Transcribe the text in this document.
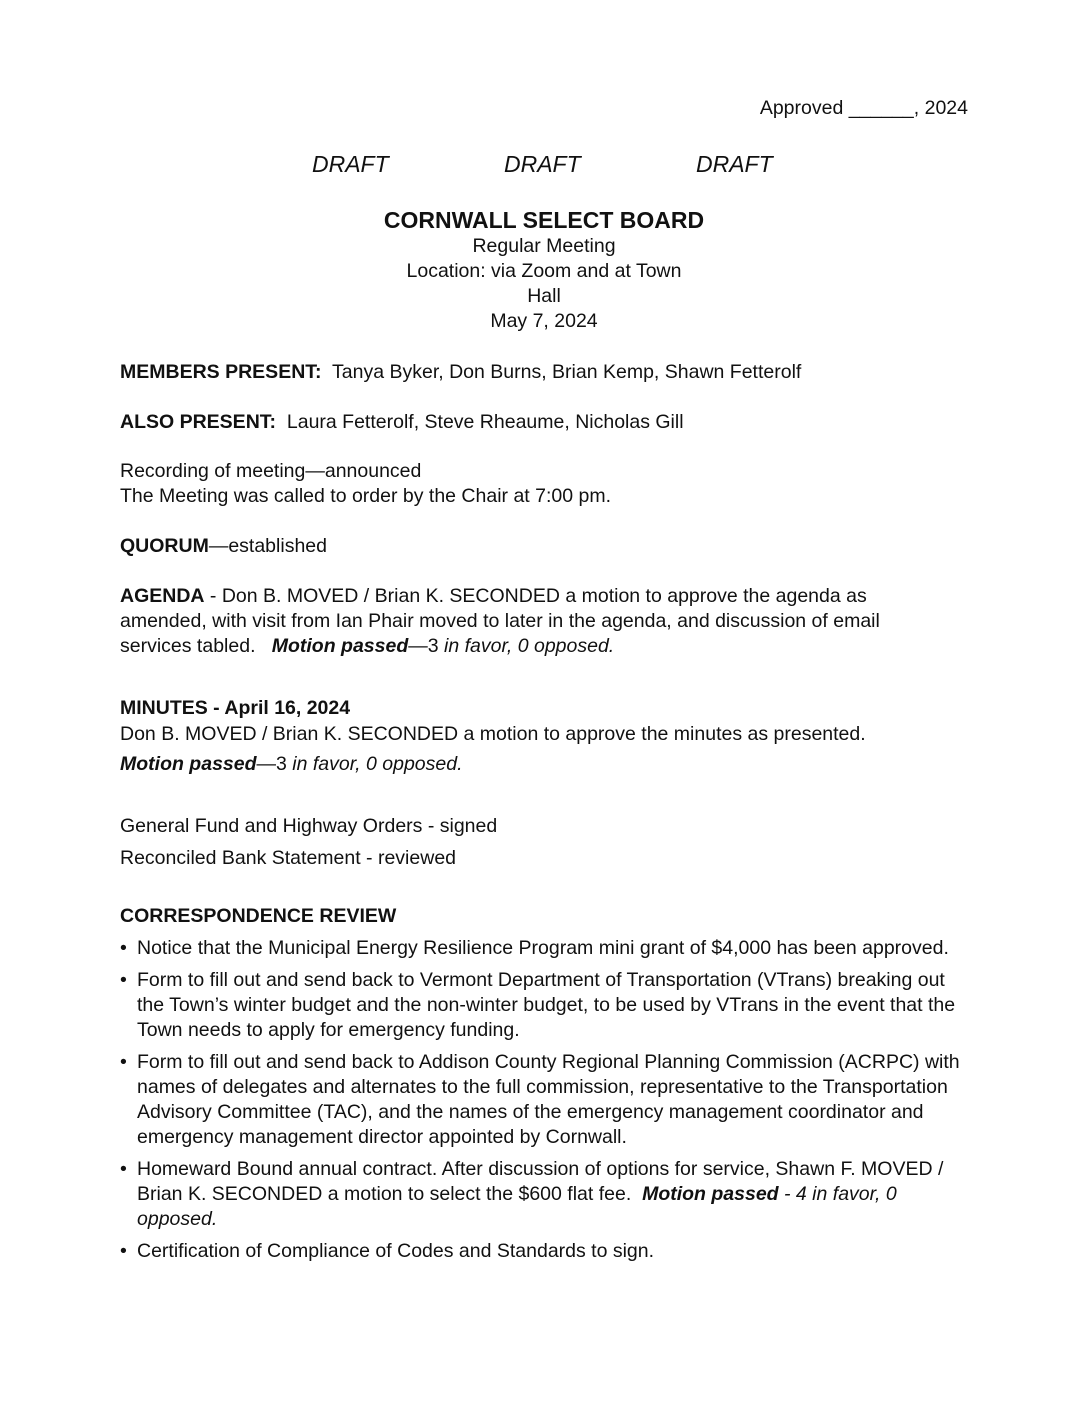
Approved ______, 2024
DRAFT	DRAFT	DRAFT
CORNWALL SELECT BOARD
Regular Meeting
Location: via Zoom and at Town
Hall
May 7, 2024
MEMBERS PRESENT: Tanya Byker, Don Burns, Brian Kemp, Shawn Fetterolf
ALSO PRESENT: Laura Fetterolf, Steve Rheaume, Nicholas Gill
Recording of meeting—announced
The Meeting was called to order by the Chair at 7:00 pm.
QUORUM—established
AGENDA - Don B. MOVED / Brian K. SECONDED a motion to approve the agenda as amended, with visit from Ian Phair moved to later in the agenda, and discussion of email services tabled.   Motion passed—3 in favor, 0 opposed.
MINUTES - April 16, 2024
Don B. MOVED / Brian K. SECONDED a motion to approve the minutes as presented.
Motion passed—3 in favor, 0 opposed.
General Fund and Highway Orders - signed
Reconciled Bank Statement - reviewed
CORRESPONDENCE REVIEW
• Notice that the Municipal Energy Resilience Program mini grant of $4,000 has been approved.
• Form to fill out and send back to Vermont Department of Transportation (VTrans) breaking out the Town’s winter budget and the non-winter budget, to be used by VTrans in the event that the Town needs to apply for emergency funding.
• Form to fill out and send back to Addison County Regional Planning Commission (ACRPC) with names of delegates and alternates to the full commission, representative to the Transportation Advisory Committee (TAC), and the names of the emergency management coordinator and emergency management director appointed by Cornwall.
• Homeward Bound annual contract. After discussion of options for service, Shawn F. MOVED / Brian K. SECONDED a motion to select the $600 flat fee.  Motion passed - 4 in favor, 0 opposed.
• Certification of Compliance of Codes and Standards to sign.
